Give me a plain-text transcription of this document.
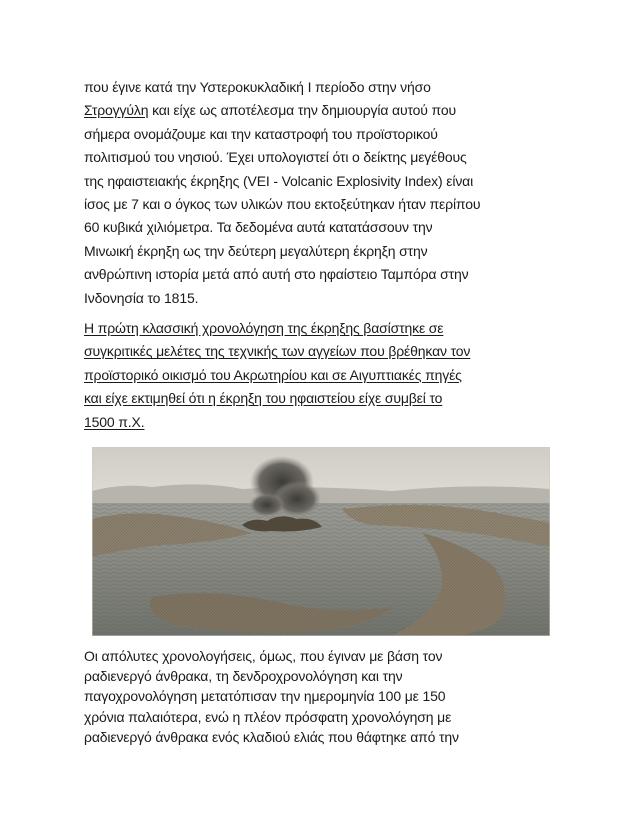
που έγινε κατά την Υστεροκυκλαδική Ι περίοδο στην νήσο
Στρογγύλη και είχε ως αποτέλεσμα την δημιουργία αυτού που
σήμερα ονομάζουμε και την καταστροφή του προϊστορικού
πολιτισμού του νησιού. Έχει υπολογιστεί ότι ο δείκτης μεγέθους
της ηφαιστειακής έκρηξης (VEI - Volcanic Explosivity Index) είναι
ίσος με 7 και ο όγκος των υλικών που εκτοξεύτηκαν ήταν περίπου
60 κυβικά χιλιόμετρα. Τα δεδομένα αυτά κατατάσσουν την
Μινωική έκρηξη ως την δεύτερη μεγαλύτερη έκρηξη στην
ανθρώπινη ιστορία μετά από αυτή στο ηφαίστειο Ταμπόρα στην
Ινδονησία το 1815.
Η πρώτη κλασσική χρονολόγηση της έκρηξης βασίστηκε σε
συγκριτικές μελέτες της τεχνικής των αγγείων που βρέθηκαν τον
προϊστορικό οικισμό του Ακρωτηρίου και σε Αιγυπτιακές πηγές
και είχε εκτιμηθεί ότι η έκρηξη του ηφαιστείου είχε συμβεί το
1500 π.Χ.
Οι απόλυτες χρονολογήσεις, όμως, που έγιναν με βάση τον
ραδιενεργό άνθρακα, τη δενδροχρονολόγηση και την
παγοχρονολόγηση μετατόπισαν την ημερομηνία 100 με 150
χρόνια παλαιότερα, ενώ η πλέον πρόσφατη χρονολόγηση με
ραδιενεργό άνθρακα ενός κλαδιού ελιάς που θάφτηκε από την
